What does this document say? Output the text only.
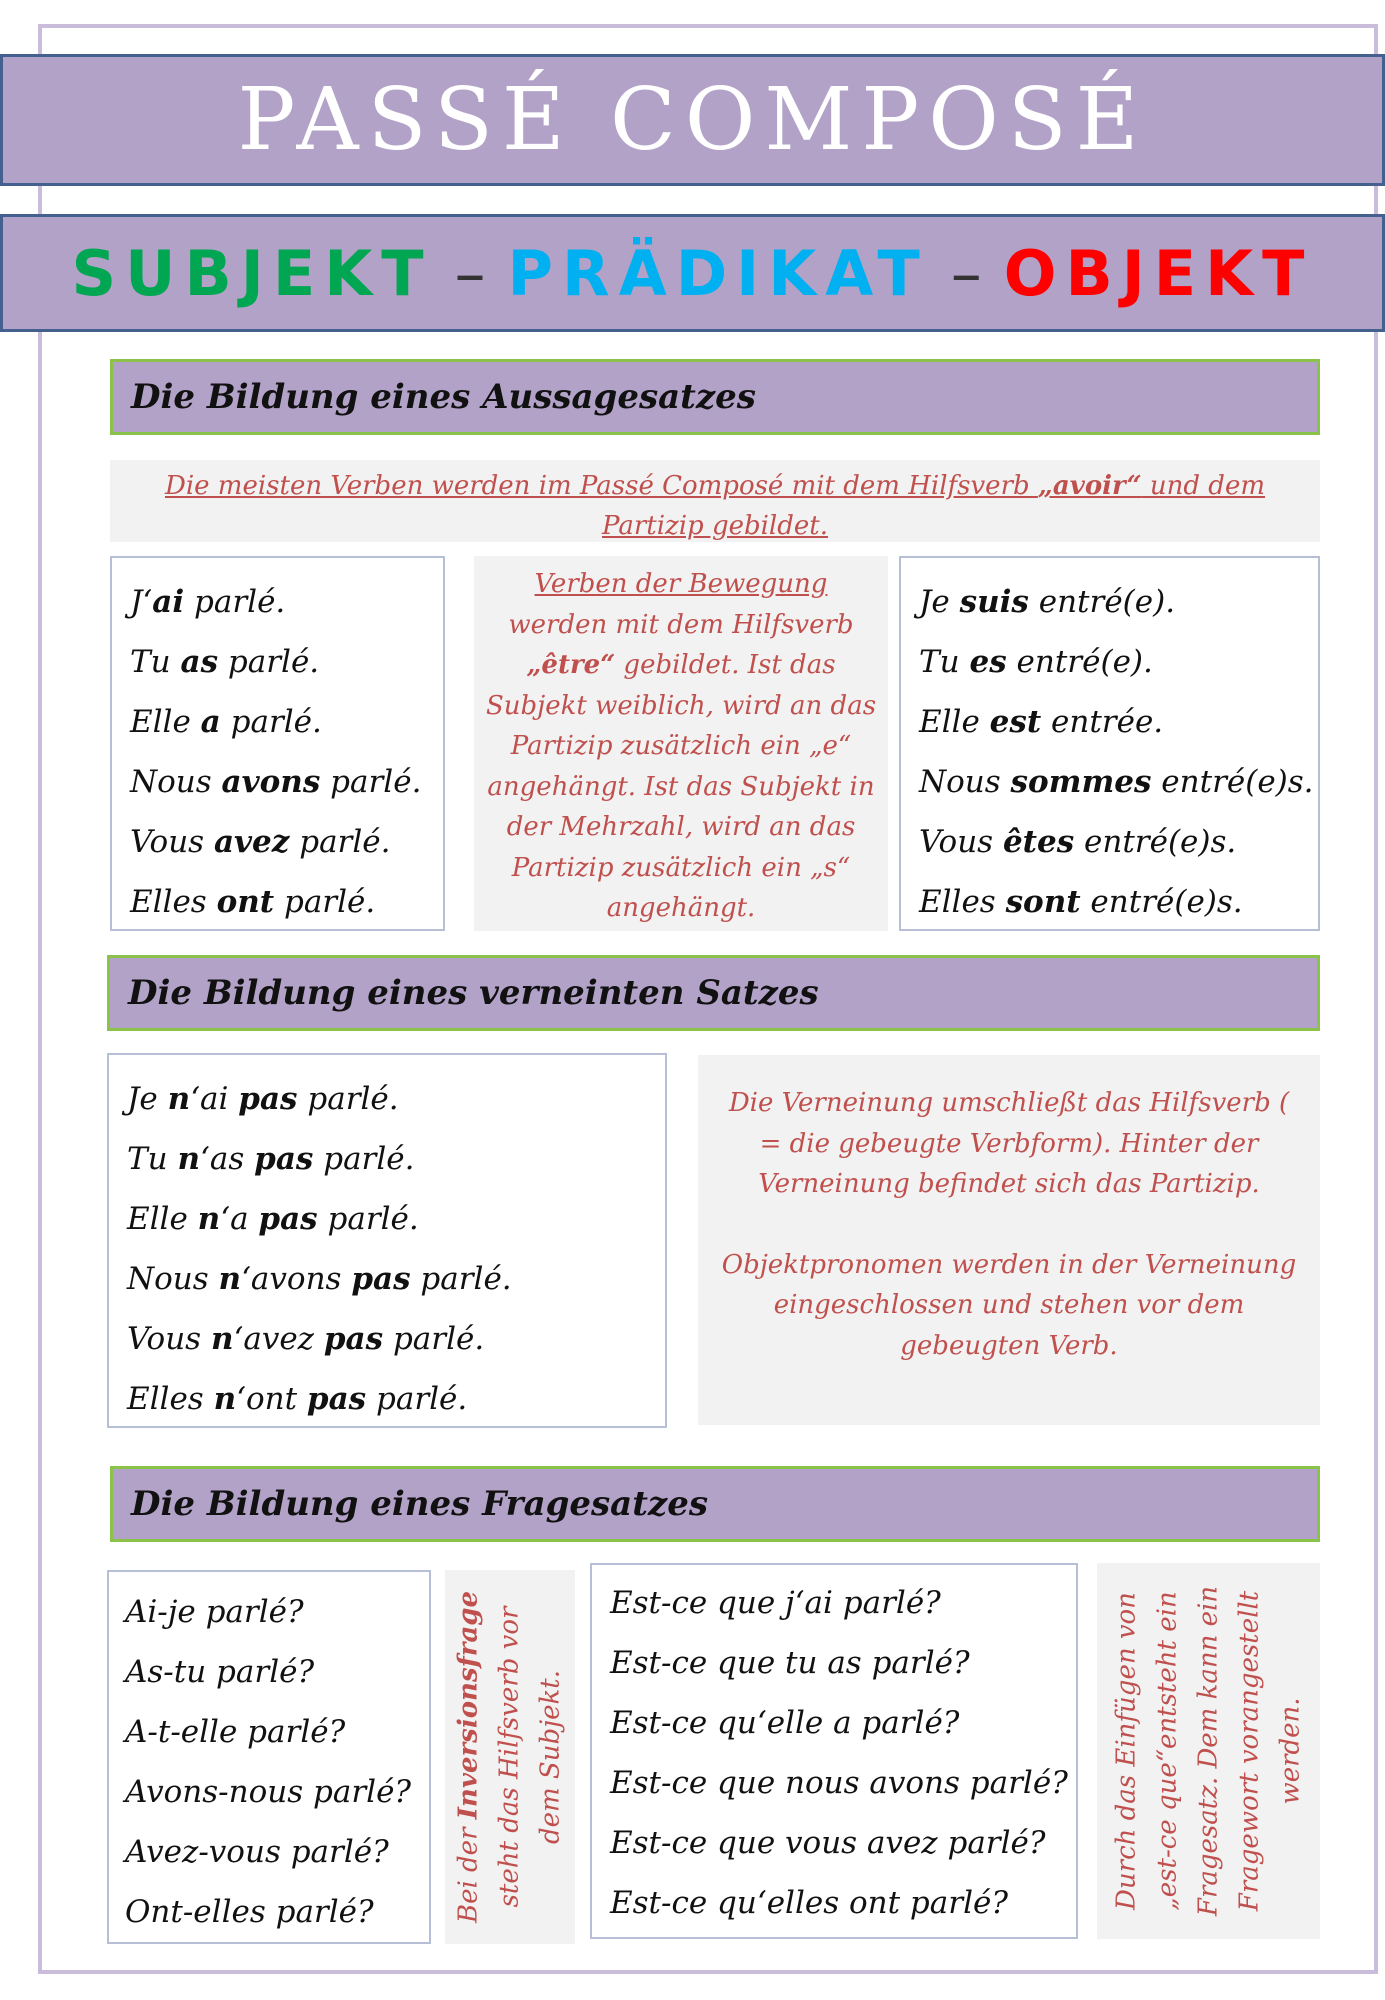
PASSÉ COMPOSÉ
SUBJEKT – PRÄDIKAT – OBJEKT
Die Bildung eines Aussagesatzes
Die meisten Verben werden im Passé Composé mit dem Hilfsverb „avoir“ und dem Partizip gebildet.
J‘ai parlé.
Tu as parlé.
Elle a parlé.
Nous avons parlé.
Vous avez parlé.
Elles ont parlé.
Verben der Bewegung
werden mit dem Hilfsverb
„être“ gebildet. Ist das
Subjekt weiblich, wird an das Partizip zusätzlich ein „e“ angehängt. Ist das Subjekt in der Mehrzahl, wird an das Partizip zusätzlich ein „s“ angehängt.
Je suis entré(e).
Tu es entré(e).
Elle est entrée.
Nous sommes entré(e)s.
Vous êtes entré(e)s.
Elles sont entré(e)s.
Die Bildung eines verneinten Satzes
Je n‘ai pas parlé.
Tu n‘as pas parlé.
Elle n‘a pas parlé.
Nous n‘avons pas parlé.
Vous n‘avez pas parlé.
Elles n‘ont pas parlé.
Die Verneinung umschließt das Hilfsverb ( = die gebeugte Verbform). Hinter der Verneinung befindet sich das Partizip.
Objektpronomen werden in der Verneinung eingeschlossen und stehen vor dem gebeugten Verb.
Die Bildung eines Fragesatzes
Ai-je parlé?
As-tu parlé?
A-t-elle parlé?
Avons-nous parlé?
Avez-vous parlé?
Ont-elles parlé?	Bei der Inversionsfrage steht das Hilfsverb vor dem Subjekt.
Est-ce que j‘ai parlé?
Est-ce que tu as parlé?
Est-ce qu‘elle a parlé?
Est-ce que nous avons parlé?
Est-ce que vous avez parlé?
Est-ce qu‘elles ont parlé?	Durch das Einfügen von „est-ce que“entsteht ein Fragesatz. Dem kann ein Fragewort vorangestellt werden.
